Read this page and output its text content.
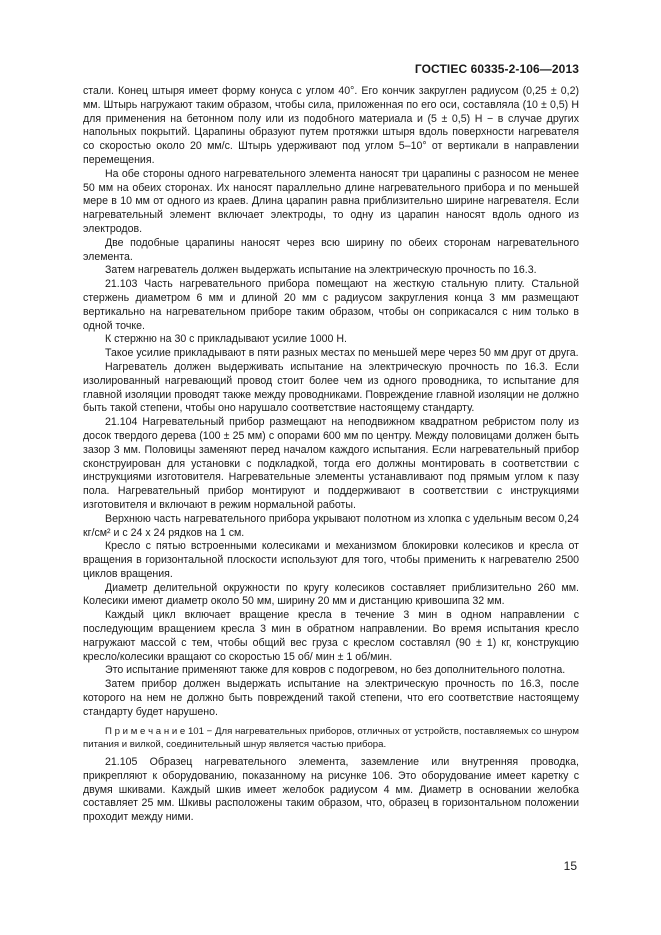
ГОСТIEC 60335-2-106—2013

стали. Конец штыря имеет форму конуса с углом 40°. Его кончик закруглен радиусом (0,25 ± 0,2) мм. Штырь нагружают таким образом, чтобы сила, приложенная по его оси, составляла (10 ± 0,5) Н для применения на бетонном полу или из подобного материала и (5 ± 0,5) Н − в случае других напольных покрытий. Царапины образуют путем протяжки штыря вдоль поверхности нагревателя со скоростью около 20 мм/с. Штырь удерживают под углом 5–10° от вертикали в направлении перемещения.

На обе стороны одного нагревательного элемента наносят три царапины с разносом не менее 50 мм на обеих сторонах. Их наносят параллельно длине нагревательного прибора и по меньшей мере в 10 мм от одного из краев. Длина царапин равна приблизительно ширине нагревателя. Если нагревательный элемент включает электроды, то одну из царапин наносят вдоль одного из электродов.

Две подобные царапины наносят через всю ширину по обеих сторонам нагревательного элемента.

Затем нагреватель должен выдержать испытание на электрическую прочность по 16.3.

21.103 Часть нагревательного прибора помещают на жесткую стальную плиту. Стальной стержень диаметром 6 мм и длиной 20 мм с радиусом закругления конца 3 мм размещают вертикально на нагревательном приборе таким образом, чтобы он соприкасался с ним только в одной точке.

К стержню на 30 с прикладывают усилие 1000 Н.

Такое усилие прикладывают в пяти разных местах по меньшей мере через 50 мм друг от друга.

Нагреватель должен выдерживать испытание на электрическую прочность по 16.3. Если изолированный нагревающий провод стоит более чем из одного проводника, то испытание для главной изоляции проводят также между проводниками. Повреждение главной изоляции не должно быть такой степени, чтобы оно нарушало соответствие настоящему стандарту.

21.104 Нагревательный прибор размещают на неподвижном квадратном ребристом полу из досок твердого дерева (100 ± 25 мм) с опорами 600 мм по центру. Между половицами должен быть зазор 3 мм. Половицы заменяют перед началом каждого испытания. Если нагревательный прибор сконструирован для установки с подкладкой, тогда его должны монтировать в соответствии с инструкциями изготовителя. Нагревательные элементы устанавливают под прямым углом к пазу пола. Нагревательный прибор монтируют и поддерживают в соответствии с инструкциями изготовителя и включают в режим нормальной работы.

Верхнюю часть нагревательного прибора укрывают полотном из хлопка с удельным весом 0,24 кг/см² и с 24 х 24 рядков на 1 см.

Кресло с пятью встроенными колесиками и механизмом блокировки колесиков и кресла от вращения в горизонтальной плоскости используют для того, чтобы применить к нагревателю 2500 циклов вращения.

Диаметр делительной окружности по кругу колесиков составляет приблизительно 260 мм. Колесики имеют диаметр около 50 мм, ширину 20 мм и дистанцию кривошипа 32 мм.

Каждый цикл включает вращение кресла в течение 3 мин в одном направлении с последующим вращением кресла 3 мин в обратном направлении. Во время испытания кресло нагружают массой с тем, чтобы общий вес груза с креслом составлял (90 ± 1) кг, конструкцию кресло/колесики вращают со скоростью 15 об/ мин ± 1 об/мин.

Это испытание применяют также для ковров с подогревом, но без дополнительного полотна.

Затем прибор должен выдержать испытание на электрическую прочность по 16.3, после которого на нем не должно быть повреждений такой степени, что его соответствие настоящему стандарту будет нарушено.

П р и м е ч а н и е 101 − Для нагревательных приборов, отличных от устройств, поставляемых со шнуром питания и вилкой, соединительный шнур является частью прибора.

21.105 Образец нагревательного элемента, заземление или внутренняя проводка, прикрепляют к оборудованию, показанному на рисунке 106. Это оборудование имеет каретку с двумя шкивами. Каждый шкив имеет желобок радиусом 4 мм. Диаметр в основании желобка составляет 25 мм. Шкивы расположены таким образом, что, образец в горизонтальном положении проходит между ними.

15
